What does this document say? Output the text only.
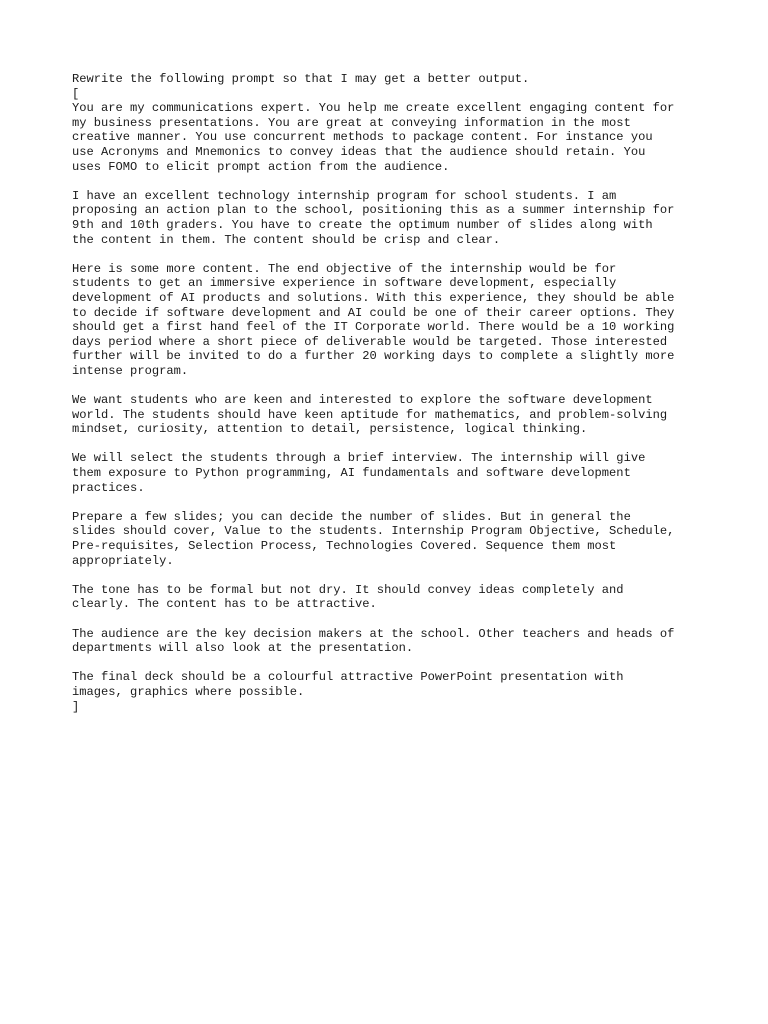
Rewrite the following prompt so that I may get a better output.
[
You are my communications expert. You help me create excellent engaging content for
my business presentations. You are great at conveying information in the most
creative manner. You use concurrent methods to package content. For instance you
use Acronyms and Mnemonics to convey ideas that the audience should retain. You
uses FOMO to elicit prompt action from the audience.
I have an excellent technology internship program for school students. I am
proposing an action plan to the school, positioning this as a summer internship for
9th and 10th graders. You have to create the optimum number of slides along with
the content in them. The content should be crisp and clear.
Here is some more content. The end objective of the internship would be for
students to get an immersive experience in software development, especially
development of AI products and solutions. With this experience, they should be able
to decide if software development and AI could be one of their career options. They
should get a first hand feel of the IT Corporate world. There would be a 10 working
days period where a short piece of deliverable would be targeted. Those interested
further will be invited to do a further 20 working days to complete a slightly more
intense program.
We want students who are keen and interested to explore the software development
world. The students should have keen aptitude for mathematics, and problem-solving
mindset, curiosity, attention to detail, persistence, logical thinking.
We will select the students through a brief interview. The internship will give
them exposure to Python programming, AI fundamentals and software development
practices.
Prepare a few slides; you can decide the number of slides. But in general the
slides should cover, Value to the students. Internship Program Objective, Schedule,
Pre-requisites, Selection Process, Technologies Covered. Sequence them most
appropriately.
The tone has to be formal but not dry. It should convey ideas completely and
clearly. The content has to be attractive.
The audience are the key decision makers at the school. Other teachers and heads of
departments will also look at the presentation.
The final deck should be a colourful attractive PowerPoint presentation with
images, graphics where possible.
]
